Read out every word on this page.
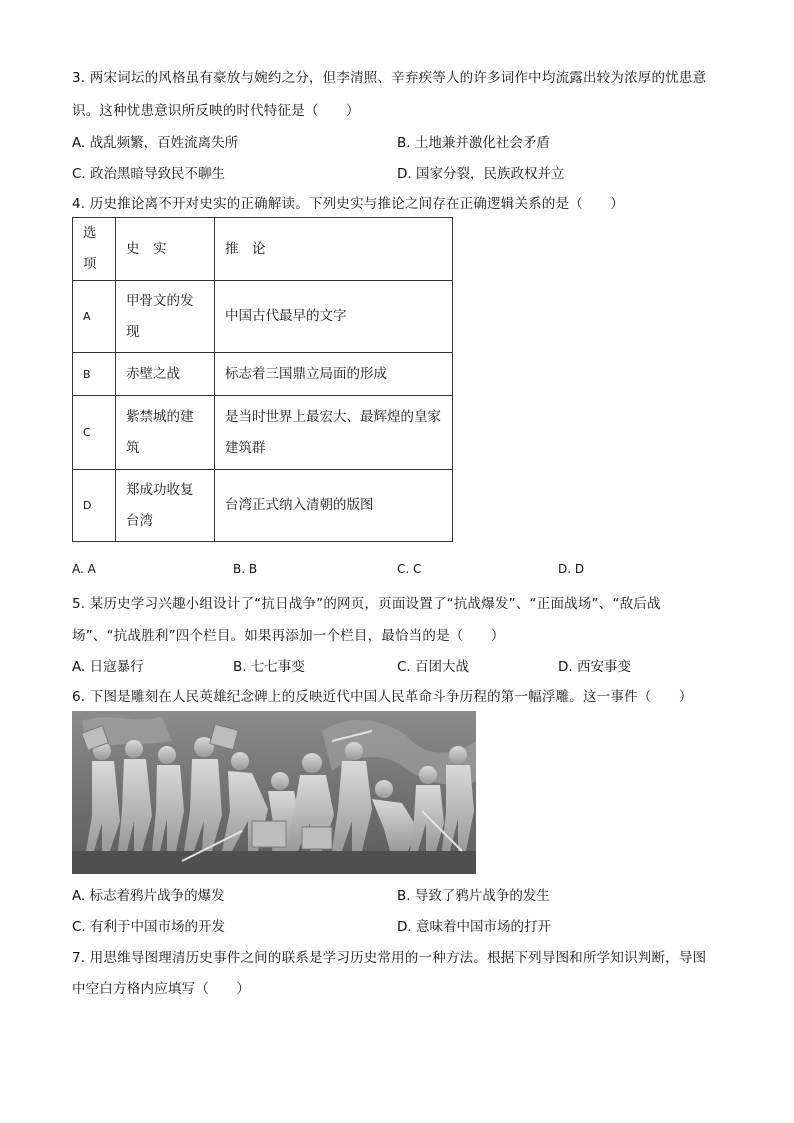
3. 两宋词坛的风格虽有豪放与婉约之分，但李清照、辛弃疾等人的许多词作中均流露出较为浓厚的忧患意
识。这种忧患意识所反映的时代特征是（　　）
A. 战乱频繁，百姓流离失所	B. 土地兼并激化社会矛盾
C. 政治黑暗导致民不聊生	D. 国家分裂，民族政权并立
4. 历史推论离不开对史实的正确解读。下列史实与推论之间存在正确逻辑关系的是（　　）
选项	史　实	推　论
A	甲骨文的发现	中国古代最早的文字
B	赤壁之战	标志着三国鼎立局面的形成
C	紫禁城的建筑	是当时世界上最宏大、最辉煌的皇家建筑群
D	郑成功收复台湾	台湾正式纳入清朝的版图
A. A	B. B	C. C	D. D
5. 某历史学习兴趣小组设计了“抗日战争”的网页，页面设置了“抗战爆发”、“正面战场”、“敌后战
场”、“抗战胜利”四个栏目。如果再添加一个栏目，最恰当的是（　　）
A. 日寇暴行	B. 七七事变	C. 百团大战	D. 西安事变
6. 下图是雕刻在人民英雄纪念碑上的反映近代中国人民革命斗争历程的第一幅浮雕。这一事件（　　）
A. 标志着鸦片战争的爆发	B. 导致了鸦片战争的发生
C. 有利于中国市场的开发	D. 意味着中国市场的打开
7. 用思维导图理清历史事件之间的联系是学习历史常用的一种方法。根据下列导图和所学知识判断，导图
中空白方格内应填写（　　）
